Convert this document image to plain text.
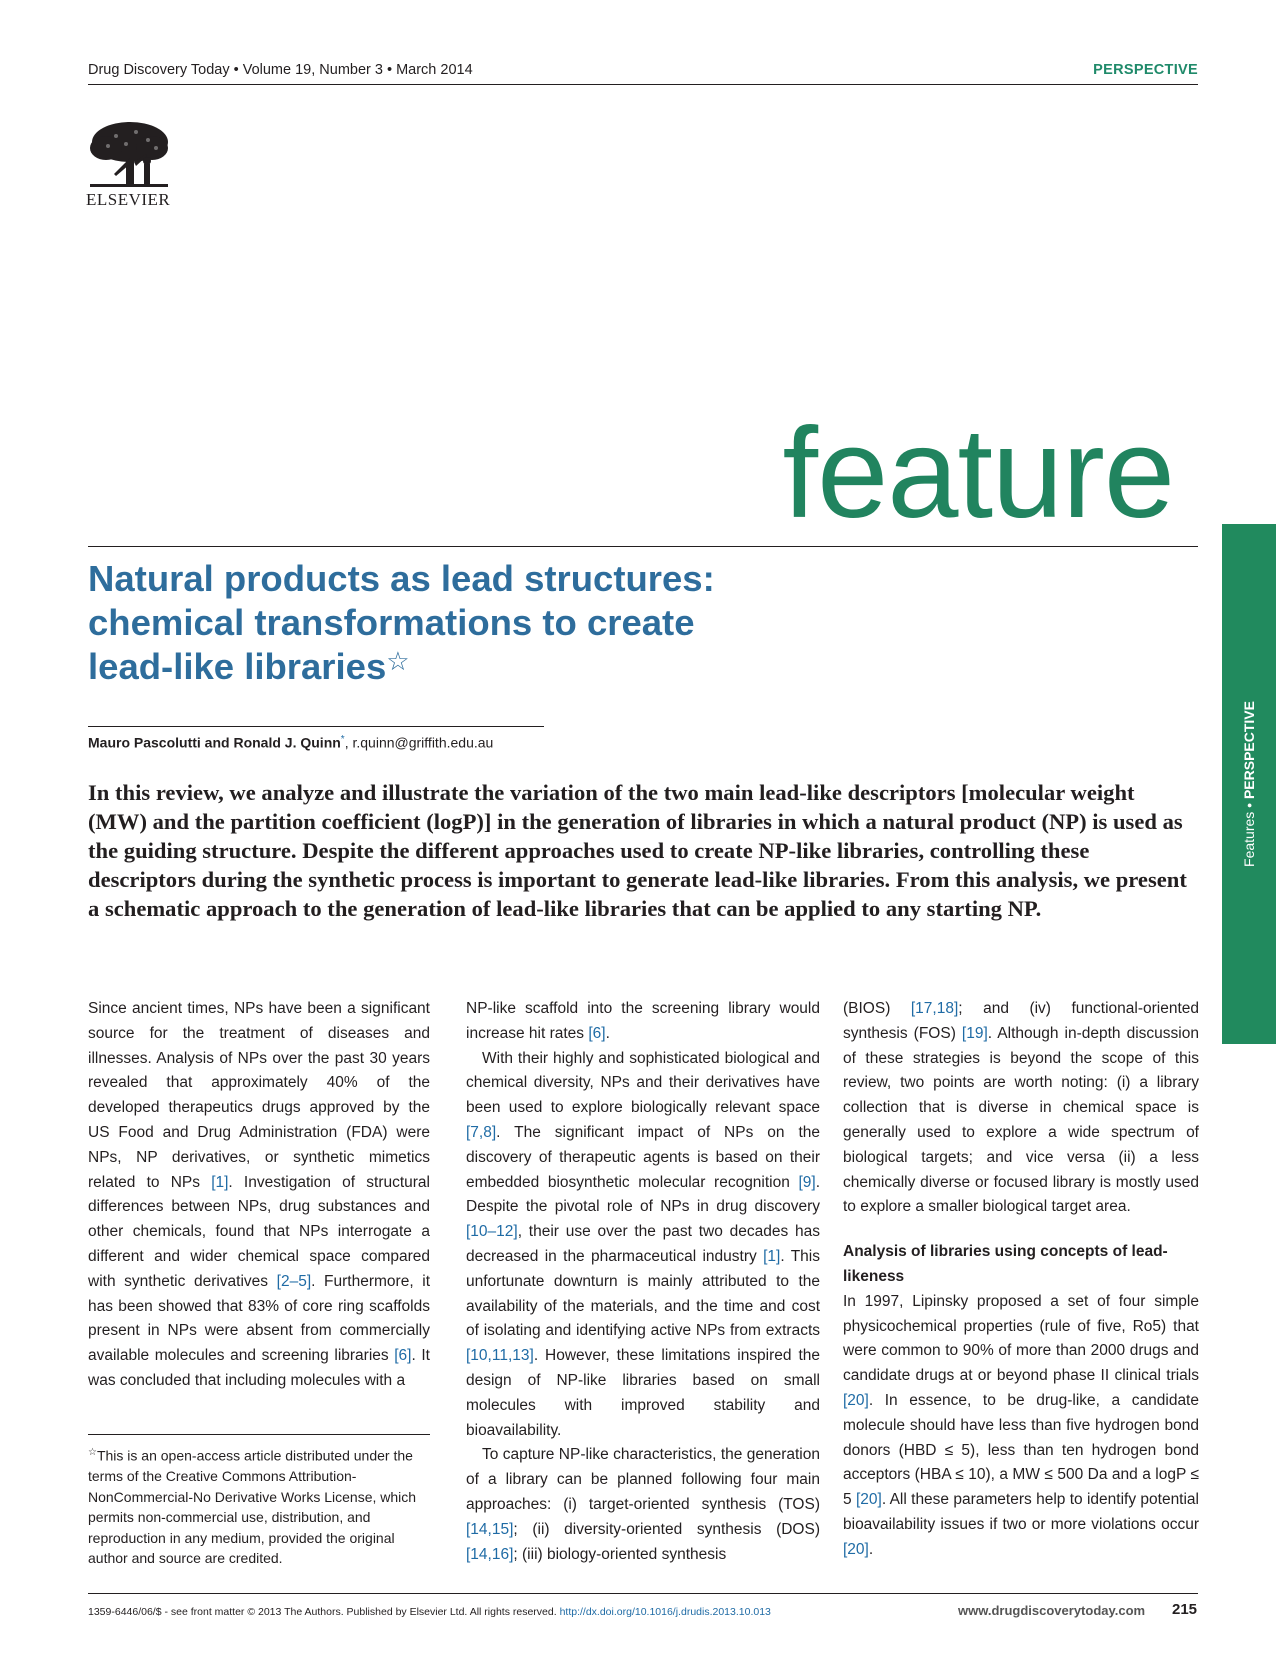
Drug Discovery Today • Volume 19, Number 3 • March 2014	PERSPECTIVE
ELSEVIER
feature
Features • PERSPECTIVE
Natural products as lead structures:
chemical transformations to create
lead-like libraries☆
Mauro Pascolutti and Ronald J. Quinn*, r.quinn@griffith.edu.au
In this review, we analyze and illustrate the variation of the two main lead-like descriptors [molecular weight (MW) and the partition coefficient (logP)] in the generation of libraries in which a natural product (NP) is used as the guiding structure. Despite the different approaches used to create NP-like libraries, controlling these descriptors during the synthetic process is important to generate lead-like libraries. From this analysis, we present a schematic approach to the generation of lead-like libraries that can be applied to any starting NP.

Since ancient times, NPs have been a significant source for the treatment of diseases and illnesses. Analysis of NPs over the past 30 years revealed that approximately 40% of the developed therapeutics drugs approved by the US Food and Drug Administration (FDA) were NPs, NP derivatives, or synthetic mimetics related to NPs [1]. Investigation of structural differences between NPs, drug substances and other chemicals, found that NPs interrogate a different and wider chemical space compared with synthetic derivatives [2–5]. Furthermore, it has been showed that 83% of core ring scaffolds present in NPs were absent from commercially available molecules and screening libraries [6]. It was concluded that including molecules with a

NP-like scaffold into the screening library would increase hit rates [6].

With their highly and sophisticated biological and chemical diversity, NPs and their derivatives have been used to explore biologically relevant space [7,8]. The significant impact of NPs on the discovery of therapeutic agents is based on their embedded biosynthetic molecular recognition [9]. Despite the pivotal role of NPs in drug discovery [10–12], their use over the past two decades has decreased in the pharmaceutical industry [1]. This unfortunate downturn is mainly attributed to the availability of the materials, and the time and cost of isolating and identifying active NPs from extracts [10,11,13]. However, these limitations inspired the design of NP-like libraries based on small molecules with improved stability and bioavailability.

To capture NP-like characteristics, the generation of a library can be planned following four main approaches: (i) target-oriented synthesis (TOS) [14,15]; (ii) diversity-oriented synthesis (DOS) [14,16]; (iii) biology-oriented synthesis

(BIOS) [17,18]; and (iv) functional-oriented synthesis (FOS) [19]. Although in-depth discussion of these strategies is beyond the scope of this review, two points are worth noting: (i) a library collection that is diverse in chemical space is generally used to explore a wide spectrum of biological targets; and vice versa (ii) a less chemically diverse or focused library is mostly used to explore a smaller biological target area.

Analysis of libraries using concepts of lead-likeness

In 1997, Lipinsky proposed a set of four simple physicochemical properties (rule of five, Ro5) that were common to 90% of more than 2000 drugs and candidate drugs at or beyond phase II clinical trials [20]. In essence, to be drug-like, a candidate molecule should have less than five hydrogen bond donors (HBD ≤ 5), less than ten hydrogen bond acceptors (HBA ≤ 10), a MW ≤ 500 Da and a logP ≤ 5 [20]. All these parameters help to identify potential bioavailability issues if two or more violations occur [20].

☆This is an open-access article distributed under the terms of the Creative Commons Attribution-NonCommercial-No Derivative Works License, which permits non-commercial use, distribution, and reproduction in any medium, provided the original author and source are credited.
1359-6446/06/$ - see front matter © 2013 The Authors. Published by Elsevier Ltd. All rights reserved. http://dx.doi.org/10.1016/j.drudis.2013.10.013	www.drugdiscoverytoday.com 215
